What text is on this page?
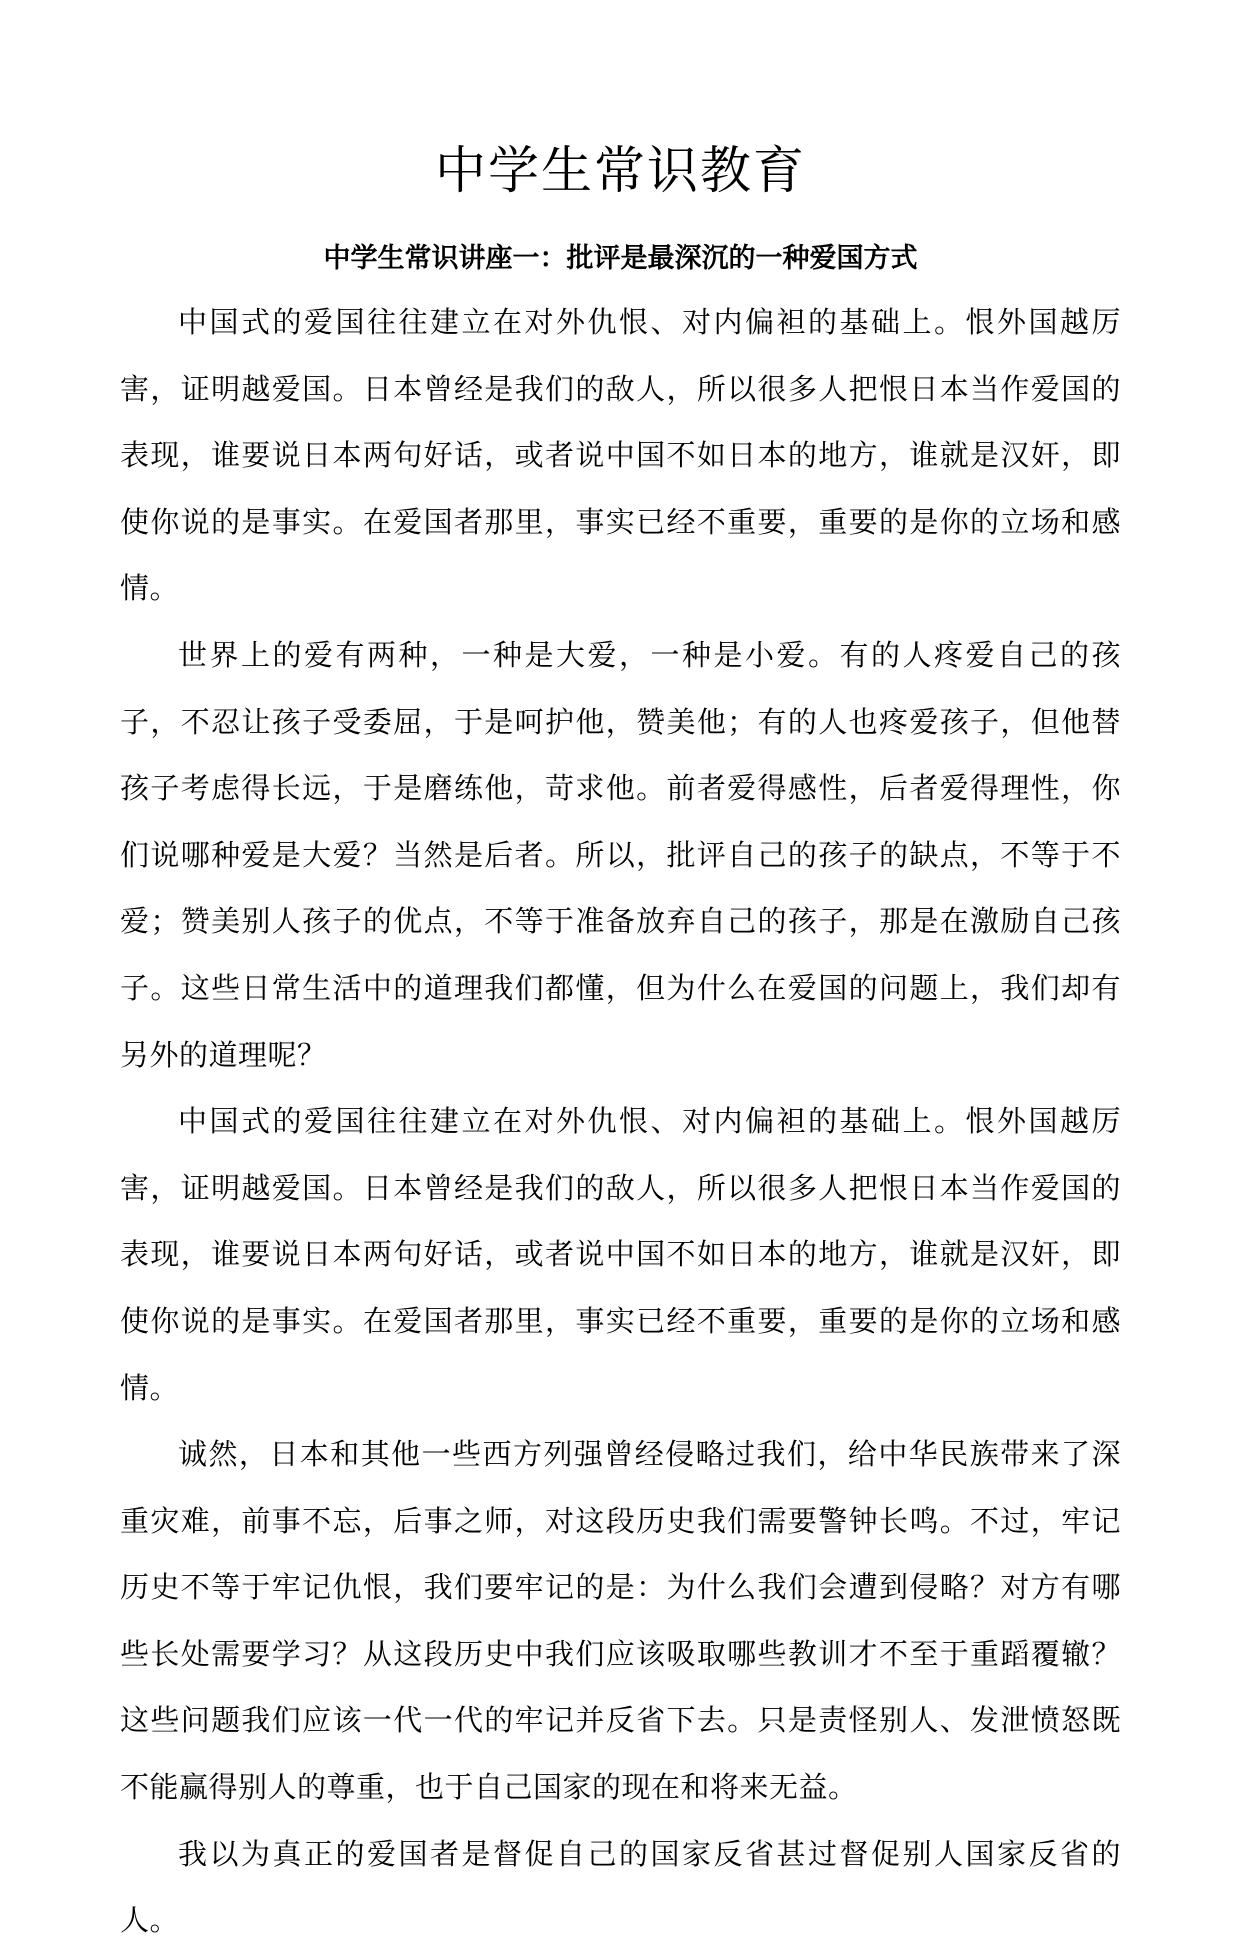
中学生常识教育
中学生常识讲座一：批评是最深沉的一种爱国方式

中国式的爱国往往建立在对外仇恨、对内偏袒的基础上。恨外国越厉害，证明越爱国。日本曾经是我们的敌人，所以很多人把恨日本当作爱国的表现，谁要说日本两句好话，或者说中国不如日本的地方，谁就是汉奸，即使你说的是事实。在爱国者那里，事实已经不重要，重要的是你的立场和感情。

世界上的爱有两种，一种是大爱，一种是小爱。有的人疼爱自己的孩子，不忍让孩子受委屈，于是呵护他，赞美他；有的人也疼爱孩子，但他替孩子考虑得长远，于是磨练他，苛求他。前者爱得感性，后者爱得理性，你们说哪种爱是大爱？当然是后者。所以，批评自己的孩子的缺点，不等于不爱；赞美别人孩子的优点，不等于准备放弃自己的孩子，那是在激励自己孩子。这些日常生活中的道理我们都懂，但为什么在爱国的问题上，我们却有另外的道理呢？

中国式的爱国往往建立在对外仇恨、对内偏袒的基础上。恨外国越厉害，证明越爱国。日本曾经是我们的敌人，所以很多人把恨日本当作爱国的表现，谁要说日本两句好话，或者说中国不如日本的地方，谁就是汉奸，即使你说的是事实。在爱国者那里，事实已经不重要，重要的是你的立场和感情。

诚然，日本和其他一些西方列强曾经侵略过我们，给中华民族带来了深重灾难，前事不忘，后事之师，对这段历史我们需要警钟长鸣。不过，牢记历史不等于牢记仇恨，我们要牢记的是：为什么我们会遭到侵略？对方有哪些长处需要学习？从这段历史中我们应该吸取哪些教训才不至于重蹈覆辙？这些问题我们应该一代一代的牢记并反省下去。只是责怪别人、发泄愤怒既不能赢得别人的尊重，也于自己国家的现在和将来无益。

我以为真正的爱国者是督促自己的国家反省甚过督促别人国家反省的人。
